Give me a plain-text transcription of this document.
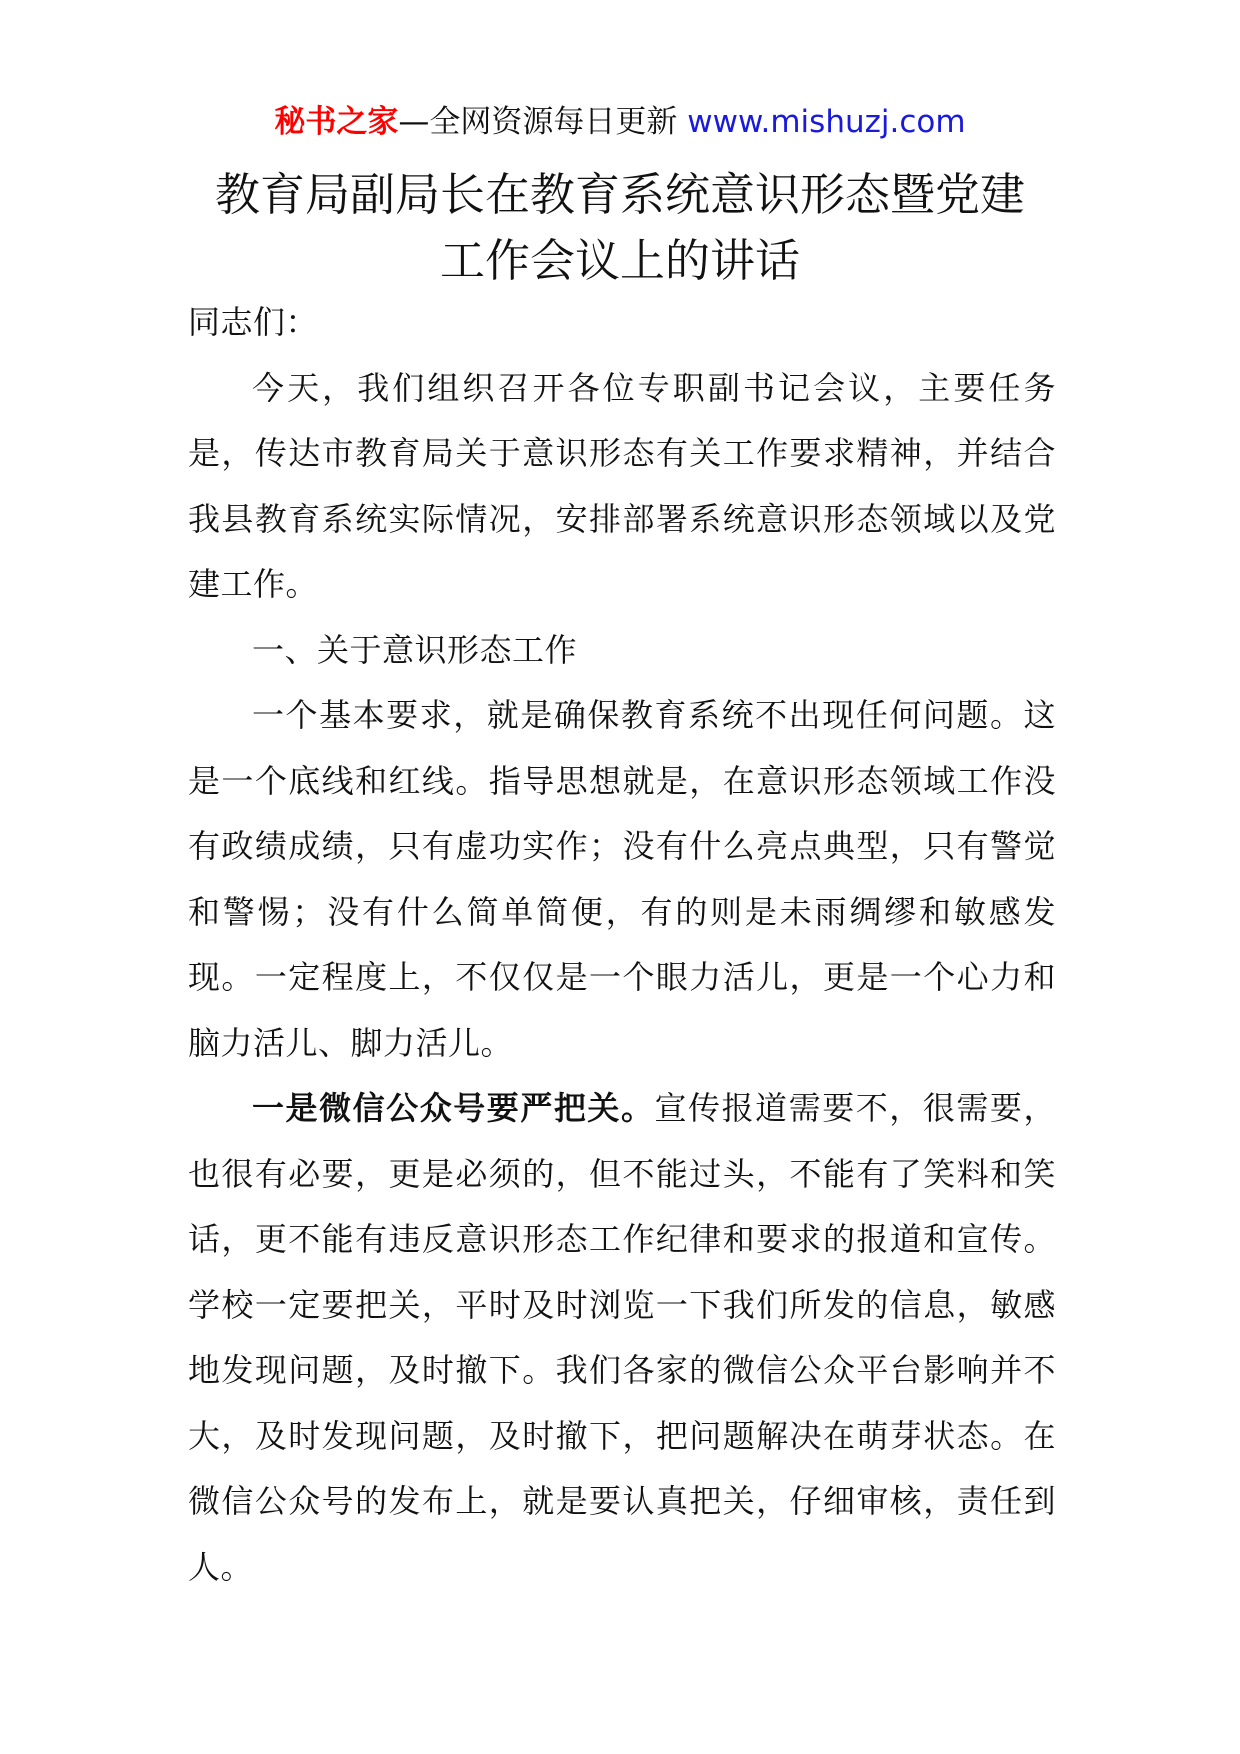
秘书之家—全网资源每日更新 www.mishuzj.com
教育局副局长在教育系统意识形态暨党建
工作会议上的讲话

同志们：

今天，我们组织召开各位专职副书记会议，主要任务是，传达市教育局关于意识形态有关工作要求精神，并结合我县教育系统实际情况，安排部署系统意识形态领域以及党建工作。

一、关于意识形态工作

一个基本要求，就是确保教育系统不出现任何问题。这是一个底线和红线。指导思想就是，在意识形态领域工作没有政绩成绩，只有虚功实作；没有什么亮点典型，只有警觉和警惕；没有什么简单简便，有的则是未雨绸缪和敏感发现。一定程度上，不仅仅是一个眼力活儿，更是一个心力和脑力活儿、脚力活儿。

一是微信公众号要严把关。宣传报道需要不，很需要，也很有必要，更是必须的，但不能过头，不能有了笑料和笑话，更不能有违反意识形态工作纪律和要求的报道和宣传。学校一定要把关，平时及时浏览一下我们所发的信息，敏感地发现问题，及时撤下。我们各家的微信公众平台影响并不大，及时发现问题，及时撤下，把问题解决在萌芽状态。在微信公众号的发布上，就是要认真把关，仔细审核，责任到人。
